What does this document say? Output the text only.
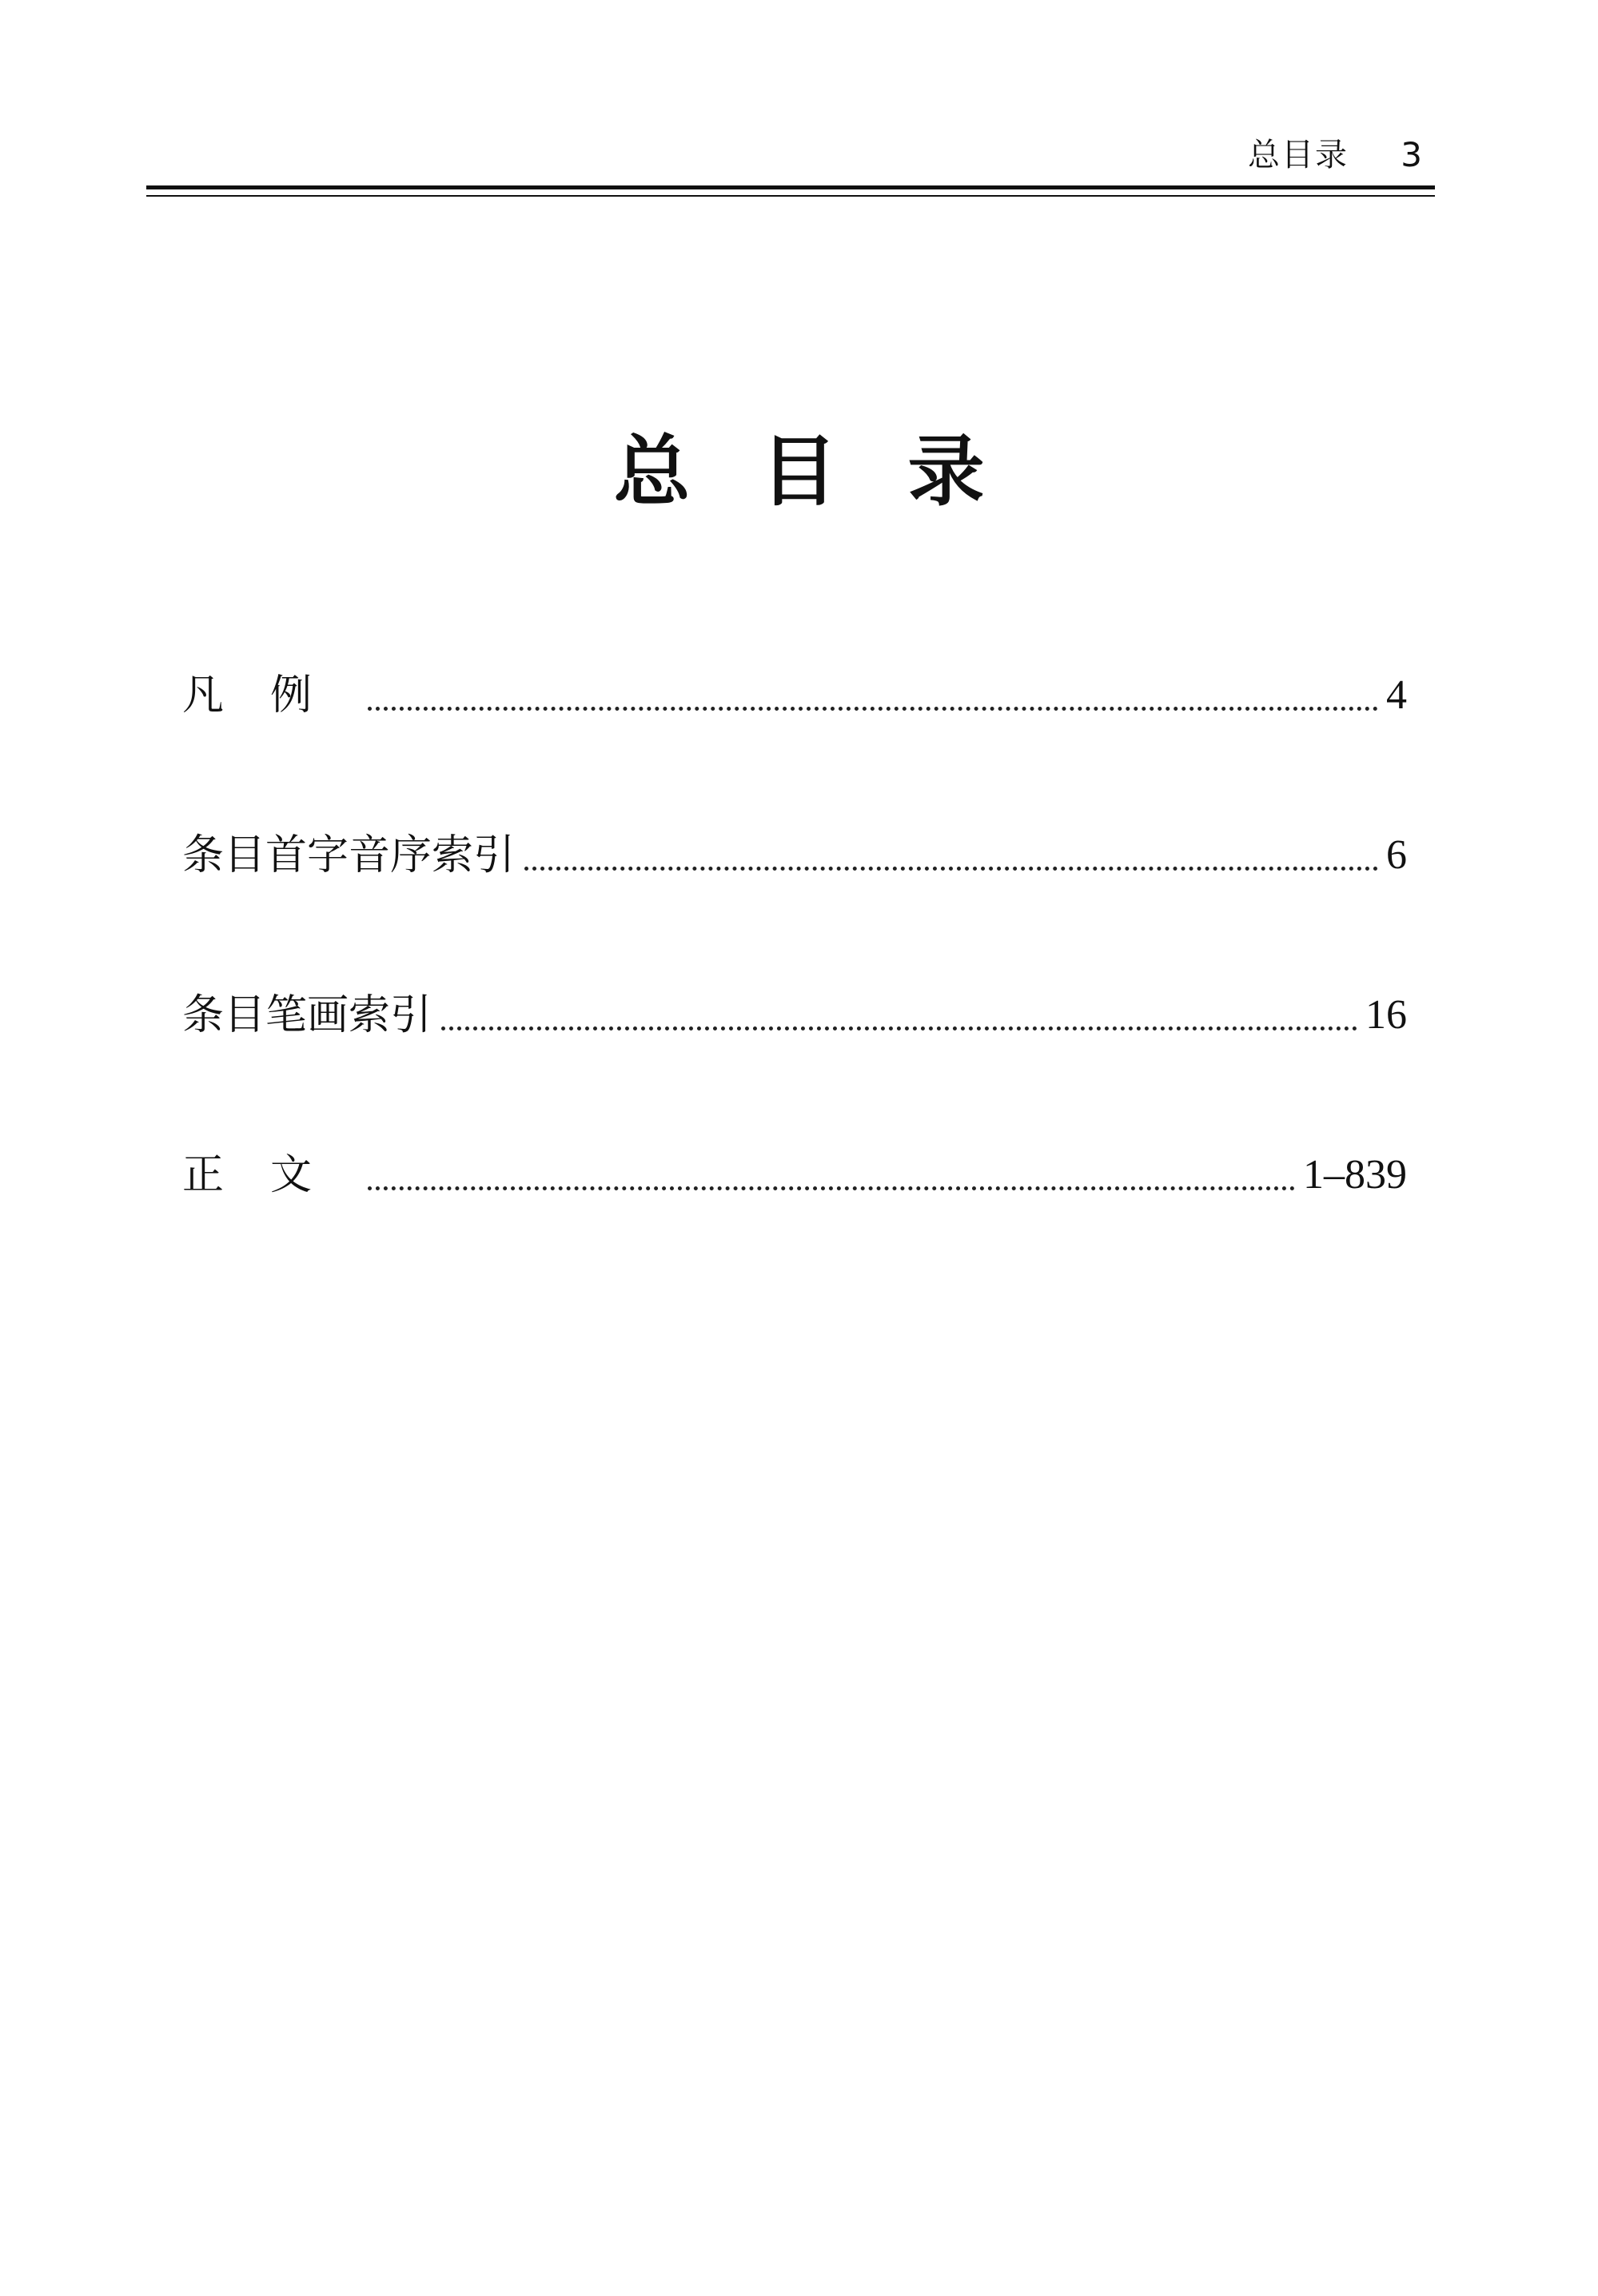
总目录 3
总 目 录
凡例	4
条目首字音序索引	6
条目笔画索引	16
正文	1–839
